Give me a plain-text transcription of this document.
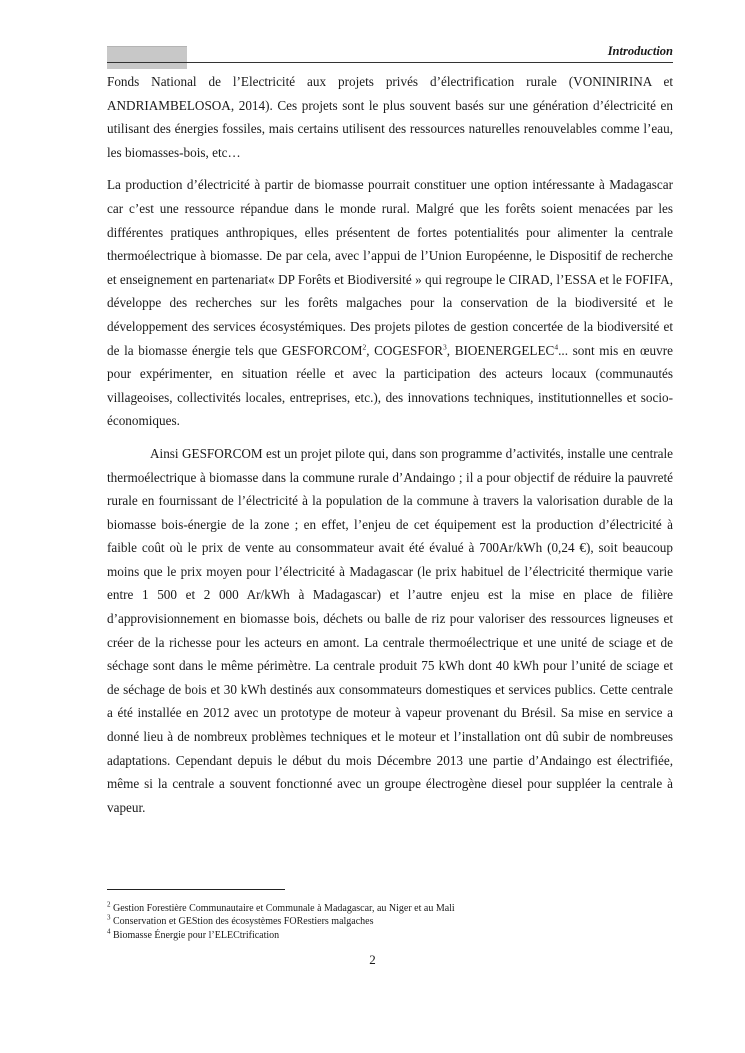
Introduction

Fonds National de l’Electricité aux projets privés d’électrification rurale (VONINIRINA et ANDRIAMBELOSOA, 2014). Ces projets sont le plus souvent basés sur une génération d’électricité en utilisant des énergies fossiles, mais certains utilisent des ressources naturelles renouvelables comme l’eau, les biomasses-bois, etc…

La production d’électricité à partir de biomasse pourrait constituer une option intéressante à Madagascar car c’est une ressource répandue dans le monde rural. Malgré que les forêts soient menacées par les différentes pratiques anthropiques, elles présentent de fortes potentialités pour alimenter la centrale thermoélectrique à biomasse. De par cela, avec l’appui de l’Union Européenne, le Dispositif de recherche et enseignement en partenariat« DP Forêts et Biodiversité » qui regroupe le CIRAD, l’ESSA et le FOFIFA, développe des recherches sur les forêts malgaches pour la conservation de la biodiversité et le développement des services écosystémiques. Des projets pilotes de gestion concertée de la biodiversité et de la biomasse énergie tels que GESFORCOM$^2$, COGESFOR$^3$, BIOENERGELEC$^4$... sont mis en œuvre pour expérimenter, en situation réelle et avec la participation des acteurs locaux (communautés villageoises, collectivités locales, entreprises, etc.), des innovations techniques, institutionnelles et socio-économiques.

Ainsi GESFORCOM est un projet pilote qui, dans son programme d’activités, installe une centrale thermoélectrique à biomasse dans la commune rurale d’Andaingo ; il a pour objectif de réduire la pauvreté rurale en fournissant de l’électricité à la population de la commune à travers la valorisation durable de la biomasse bois-énergie de la zone ; en effet, l’enjeu de cet équipement est la production d’électricité à faible coût où le prix de vente au consommateur avait été évalué à 700Ar/kWh (0,24 €), soit beaucoup moins que le prix moyen pour l’électricité à Madagascar (le prix habituel de l’électricité thermique varie entre 1 500 et 2 000 Ar/kWh à Madagascar) et l’autre enjeu est la mise en place de filière d’approvisionnement en biomasse bois, déchets ou balle de riz pour valoriser des ressources ligneuses et créer de la richesse pour les acteurs en amont. La centrale thermoélectrique et une unité de sciage et de séchage sont dans le même périmètre. La centrale produit 75 kWh dont 40 kWh pour l’unité de sciage et de séchage de bois et 30 kWh destinés aux consommateurs domestiques et services publics. Cette centrale a été installée en 2012 avec un prototype de moteur à vapeur provenant du Brésil. Sa mise en service a donné lieu à de nombreux problèmes techniques et le moteur et l’installation ont dû subir de nombreuses adaptations. Cependant depuis le début du mois Décembre 2013 une partie d’Andaingo est électrifiée, même si la centrale a souvent fonctionné avec un groupe électrogène diesel pour suppléer la centrale à vapeur.

$^2$ Gestion Forestière Communautaire et Communale à Madagascar, au Niger et au Mali
$^3$ Conservation et GEStion des écosystèmes FORestiers malgaches
$^4$ Biomasse Énergie pour l’ELECtrification
2
